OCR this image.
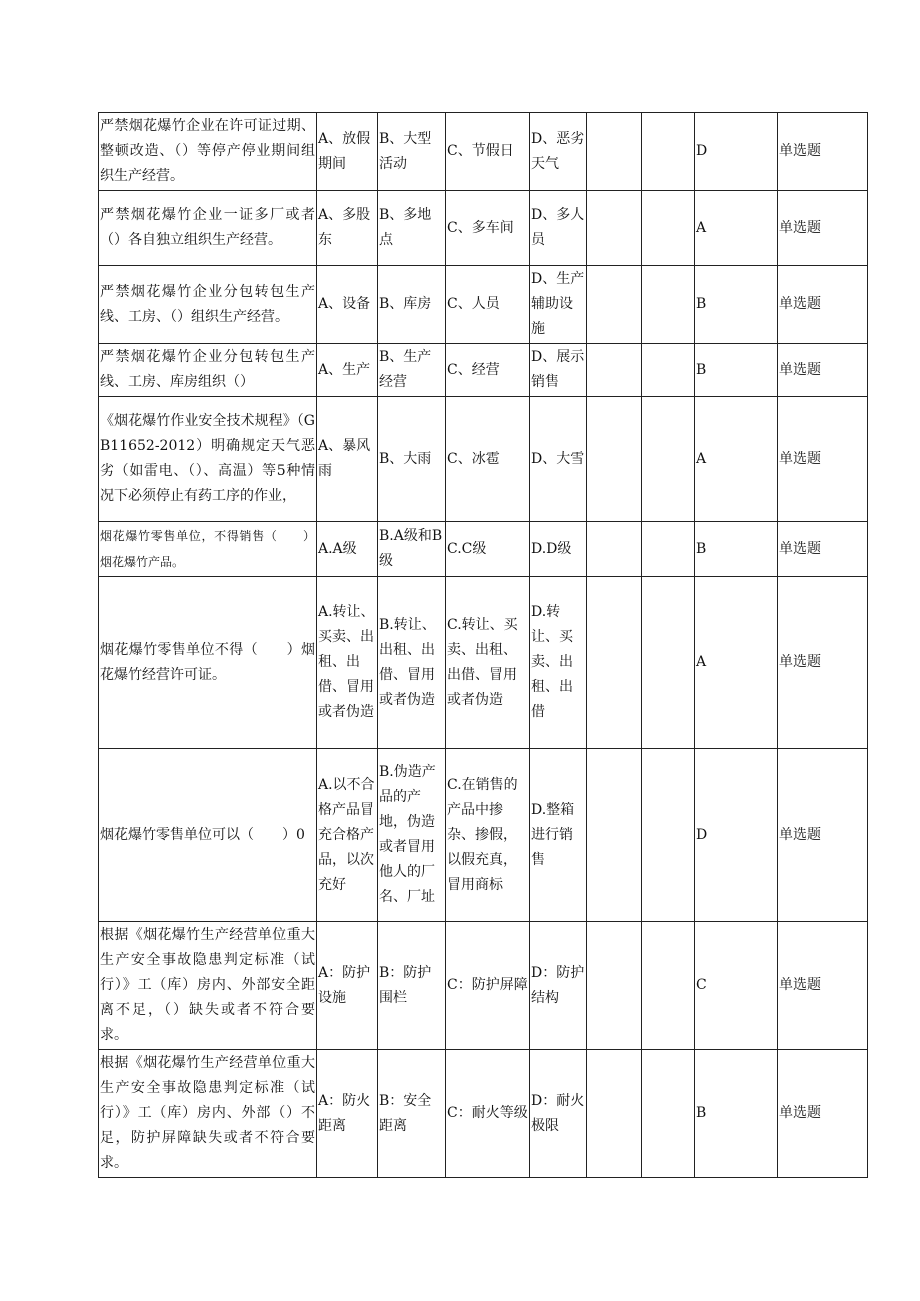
严禁烟花爆竹企业在许可证过期、整顿改造、（）等停产停业期间组织生产经营。	A、放假期间	B、大型活动	C、节假日	D、恶劣天气			D	单选题
严禁烟花爆竹企业一证多厂或者（）各自独立组织生产经营。	A、多股东	B、多地点	C、多车间	D、多人员			A	单选题
严禁烟花爆竹企业分包转包生产线、工房、（）组织生产经营。	A、设备	B、库房	C、人员	D、生产辅助设施			B	单选题
严禁烟花爆竹企业分包转包生产线、工房、库房组织（）	A、生产	B、生产经营	C、经营	D、展示销售			B	单选题
《烟花爆竹作业安全技术规程》（GB11652-2012）明确规定天气恶劣（如雷电、（）、高温）等5种情况下必须停止有药工序的作业，	A、暴风雨	B、大雨	C、冰雹	D、大雪			A	单选题
烟花爆竹零售单位，不得销售（　　）烟花爆竹产品。	A.A级	B.A级和B级	C.C级	D.D级			B	单选题
烟花爆竹零售单位不得（　　）烟花爆竹经营许可证。	A.转让、买卖、出租、出借、冒用或者伪造	B.转让、出租、出借、冒用或者伪造	C.转让、买卖、出租、出借、冒用或者伪造	D.转让、买卖、出租、出借			A	单选题
烟花爆竹零售单位可以（　　）0	A.以不合格产品冒充合格产品，以次充好	B.伪造产品的产地，伪造或者冒用他人的厂名、厂址	C.在销售的产品中掺杂、掺假，以假充真，冒用商标	D.整箱进行销售			D	单选题
根据《烟花爆竹生产经营单位重大生产安全事故隐患判定标准（试行）》工（库）房内、外部安全距离不足，（）缺失或者不符合要求。	A：防护设施	B：防护围栏	C：防护屏障	D：防护结构			C	单选题
根据《烟花爆竹生产经营单位重大生产安全事故隐患判定标准（试行）》工（库）房内、外部（）不足，防护屏障缺失或者不符合要求。	A：防火距离	B：安全距离	C：耐火等级	D：耐火极限			B	单选题
